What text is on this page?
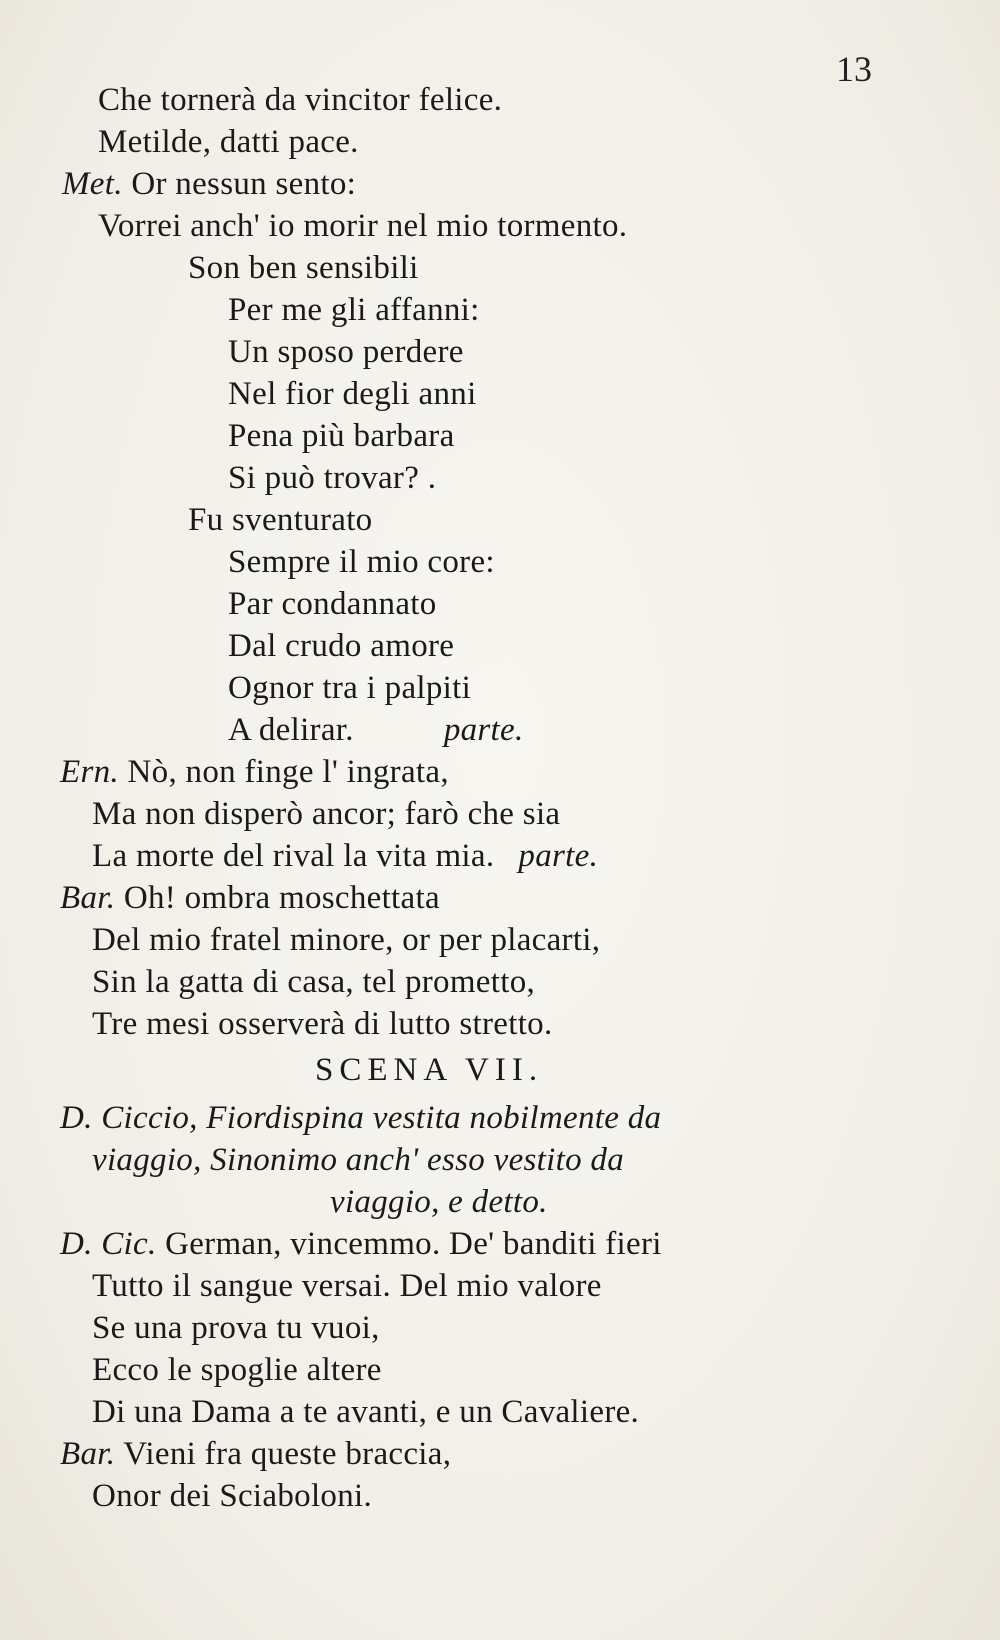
13
Che tornerà da vincitor felice.
Metilde, datti pace.
Met. Or nessun sento:
Vorrei anch' io morir nel mio tormento.
Son ben sensibili
Per me gli affanni:
Un sposo perdere
Nel fior degli anni
Pena più barbara
Si può trovar? .
Fu sventurato
Sempre il mio core:
Par condannato
Dal crudo amore
Ognor tra i palpiti
A delirar.	parte.
Ern. Nò, non finge l' ingrata,
Ma non disperò ancor; farò che sia
La morte del rival la vita mia. parte.
Bar. Oh! ombra moschettata
Del mio fratel minore, or per placarti,
Sin la gatta di casa, tel prometto,
Tre mesi osserverà di lutto stretto.
SCENA VII.
D. Ciccio, Fiordispina vestita nobilmente da
viaggio, Sinonimo anch' esso vestito da
viaggio, e detto.
D. Cic. German, vincemmo. De' banditi fieri
Tutto il sangue versai. Del mio valore
Se una prova tu vuoi,
Ecco le spoglie altere
Di una Dama a te avanti, e un Cavaliere.
Bar. Vieni fra queste braccia,
Onor dei Sciaboloni.
